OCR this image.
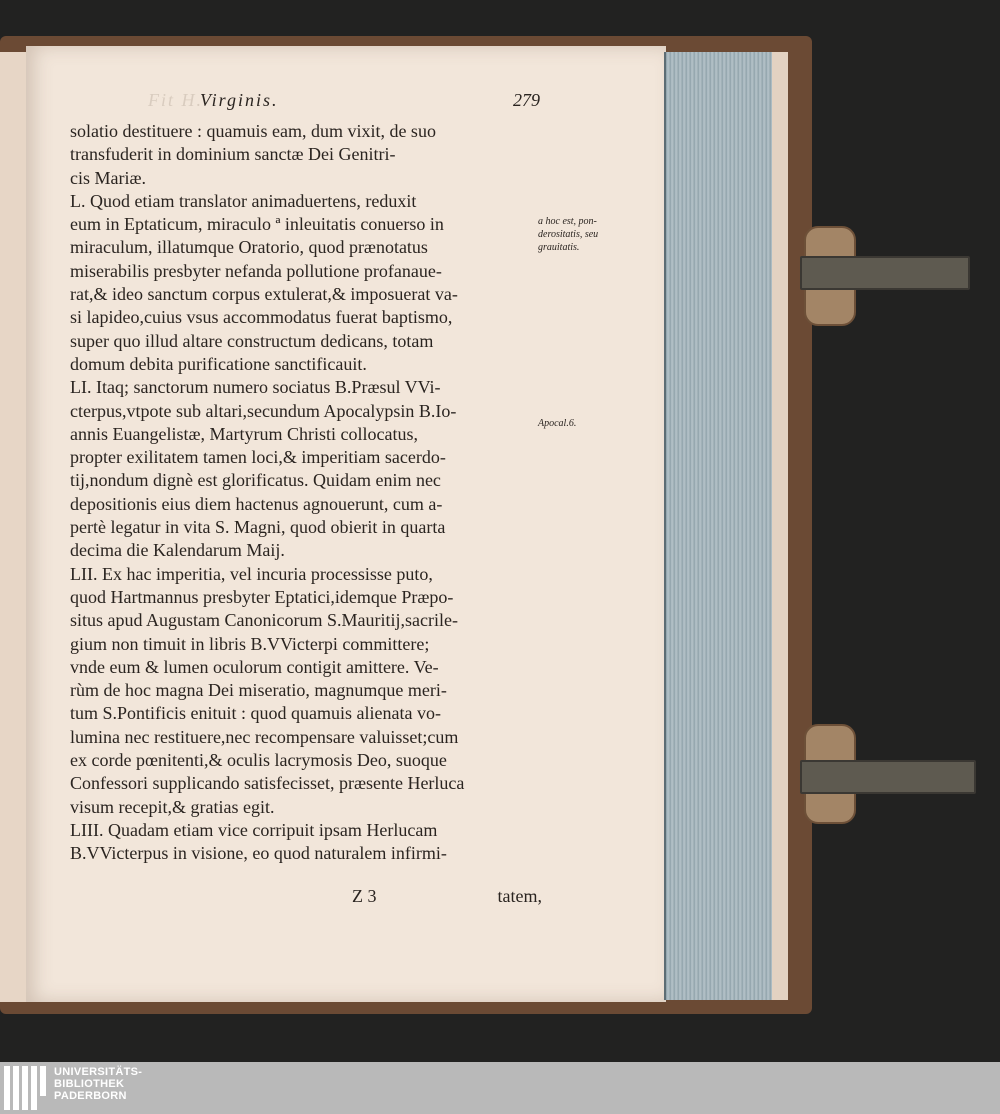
Fit H.
Virginis.	279
solatio destituere : quamuis eam, dum vixit, de suo
transfuderit in dominium sanctæ Dei Genitri-
cis Mariæ.
L. Quod etiam translator animaduertens, reduxit
eum in Eptaticum, miraculo ª inleuitatis conuerso in
miraculum, illatumque Oratorio, quod prænotatus
miserabilis presbyter nefanda pollutione profanaue-
rat,& ideo sanctum corpus extulerat,& imposuerat va-
si lapideo,cuius vsus accommodatus fuerat baptismo,
super quo illud altare constructum dedicans, totam
domum debita purificatione sanctificauit.
LI. Itaq; sanctorum numero sociatus B.Præsul VVi-
cterpus,vtpote sub altari,secundum Apocalypsin B.Io-
annis Euangelistæ, Martyrum Christi collocatus,
propter exilitatem tamen loci,& imperitiam sacerdo-
tij,nondum dignè est glorificatus. Quidam enim nec
depositionis eius diem hactenus agnouerunt, cum a-
pertè legatur in vita S. Magni, quod obierit in quarta
decima die Kalendarum Maij.
LII. Ex hac imperitia, vel incuria processisse puto,
quod Hartmannus presbyter Eptatici,idemque Præpo-
situs apud Augustam Canonicorum S.Mauritij,sacrile-
gium non timuit in libris B.VVicterpi committere;
vnde eum & lumen oculorum contigit amittere. Ve-
rùm de hoc magna Dei miseratio, magnumque meri-
tum S.Pontificis enituit : quod quamuis alienata vo-
lumina nec restituere,nec recompensare valuisset;cum
ex corde pœnitenti,& oculis lacrymosis Deo, suoque
Confessori supplicando satisfecisset, præsente Herluca
visum recepit,& gratias egit.
LIII. Quadam etiam vice corripuit ipsam Herlucam
B.VVicterpus in visione, eo quod naturalem infirmi-
a hoc est, pon-
derositatis, seu
grauitatis.
Apocal.6.
Z 3	tatem,
UNIVERSITÄTS-
BIBLIOTHEK
PADERBORN
